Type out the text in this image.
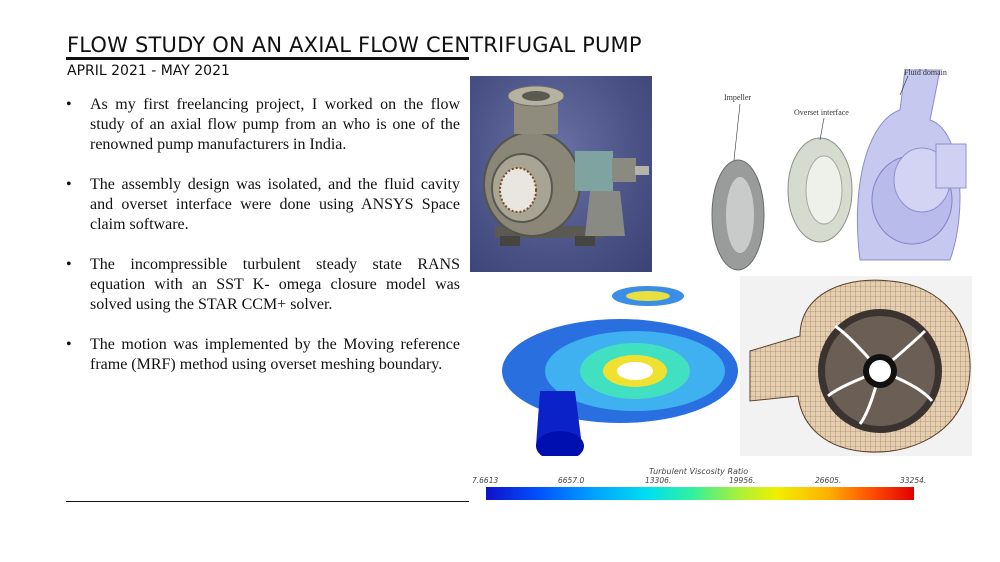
FLOW STUDY ON AN AXIAL FLOW CENTRIFUGAL PUMP
APRIL 2021 - MAY 2021
• As my first freelancing project, I worked on the flow study of an axial flow pump from an who is one of the renowned pump manufacturers in India.
• The assembly design was isolated, and the fluid cavity and overset interface were done using ANSYS Space claim software.
• The incompressible turbulent steady state RANS equation with an SST K- omega closure model was solved using the STAR CCM+ solver.
• The motion was implemented by the Moving reference frame (MRF) method using overset meshing boundary.
Impeller
Overset interface
Fluid domain
Turbulent Viscosity Ratio
7.6613	6657.0	13306.	19956.	26605.	33254.
